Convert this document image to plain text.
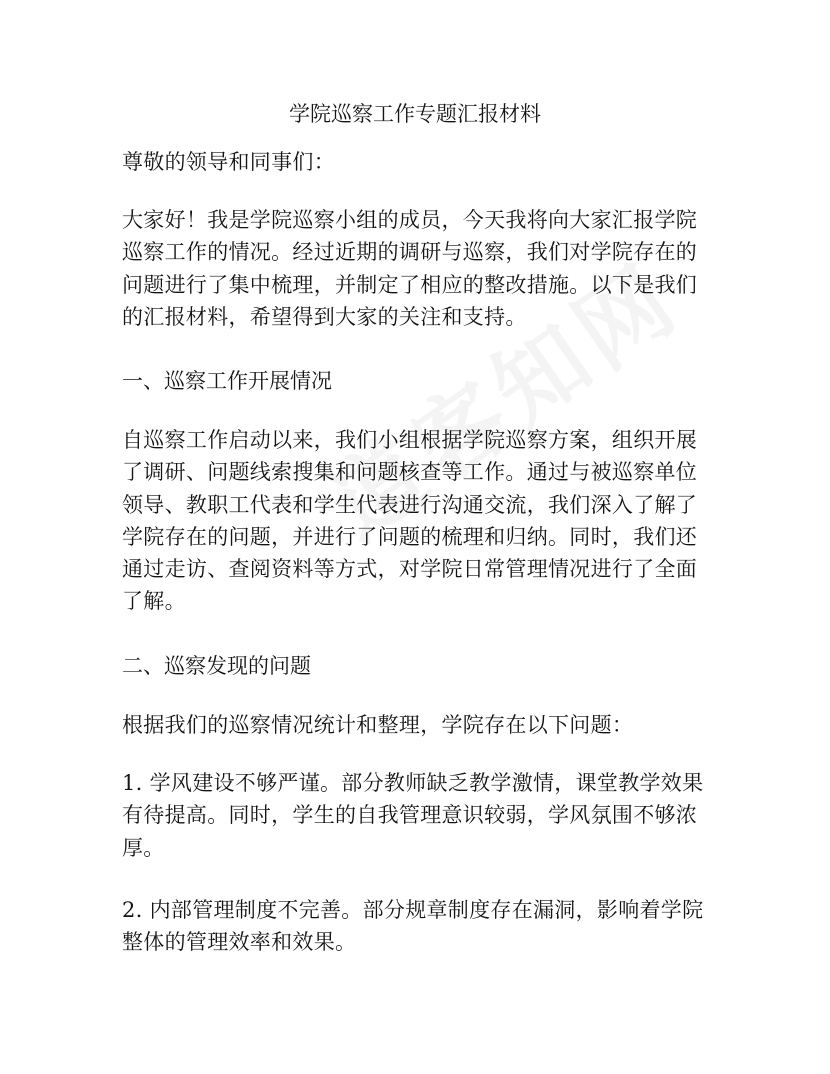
学院巡察工作专题汇报材料
尊敬的领导和同事们：
大家好！我是学院巡察小组的成员，今天我将向大家汇报学院
巡察工作的情况。经过近期的调研与巡察，我们对学院存在的
问题进行了集中梳理，并制定了相应的整改措施。以下是我们
的汇报材料，希望得到大家的关注和支持。
一、巡察工作开展情况
自巡察工作启动以来，我们小组根据学院巡察方案，组织开展
了调研、问题线索搜集和问题核查等工作。通过与被巡察单位
领导、教职工代表和学生代表进行沟通交流，我们深入了解了
学院存在的问题，并进行了问题的梳理和归纳。同时，我们还
通过走访、查阅资料等方式，对学院日常管理情况进行了全面
了解。
二、巡察发现的问题
根据我们的巡察情况统计和整理，学院存在以下问题：
1. 学风建设不够严谨。部分教师缺乏教学激情，课堂教学效果
有待提高。同时，学生的自我管理意识较弱，学风氛围不够浓
厚。
2. 内部管理制度不完善。部分规章制度存在漏洞，影响着学院
整体的管理效率和效果。
